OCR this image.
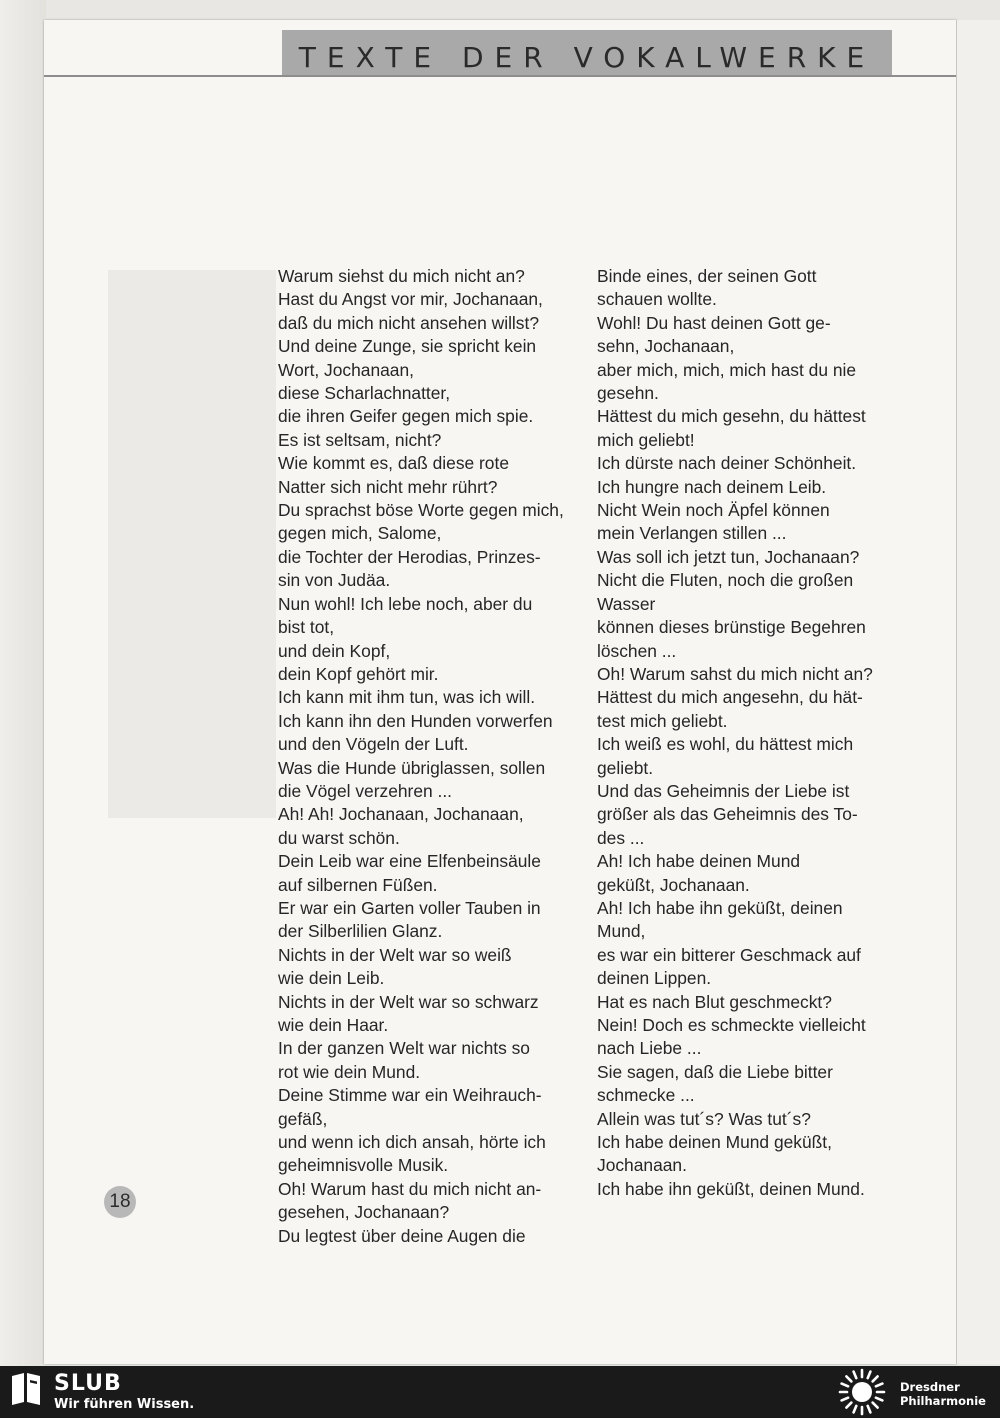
TEXTE DER VOKALWERKE
Warum siehst du mich nicht an?
Hast du Angst vor mir, Jochanaan,
daß du mich nicht ansehen willst?
Und deine Zunge, sie spricht kein
Wort, Jochanaan,
diese Scharlachnatter,
die ihren Geifer gegen mich spie.
Es ist seltsam, nicht?
Wie kommt es, daß diese rote
Natter sich nicht mehr rührt?
Du sprachst böse Worte gegen mich,
gegen mich, Salome,
die Tochter der Herodias, Prinzes-
sin von Judäa.
Nun wohl! Ich lebe noch, aber du
bist tot,
und dein Kopf,
dein Kopf gehört mir.
Ich kann mit ihm tun, was ich will.
Ich kann ihn den Hunden vorwerfen
und den Vögeln der Luft.
Was die Hunde übriglassen, sollen
die Vögel verzehren ...
Ah! Ah! Jochanaan, Jochanaan,
du warst schön.
Dein Leib war eine Elfenbeinsäule
auf silbernen Füßen.
Er war ein Garten voller Tauben in
der Silberlilien Glanz.
Nichts in der Welt war so weiß
wie dein Leib.
Nichts in der Welt war so schwarz
wie dein Haar.
In der ganzen Welt war nichts so
rot wie dein Mund.
Deine Stimme war ein Weihrauch-
gefäß,
und wenn ich dich ansah, hörte ich
geheimnisvolle Musik.
Oh! Warum hast du mich nicht an-
gesehen, Jochanaan?
Du legtest über deine Augen die
Binde eines, der seinen Gott
schauen wollte.
Wohl! Du hast deinen Gott ge-
sehn, Jochanaan,
aber mich, mich, mich hast du nie
gesehn.
Hättest du mich gesehn, du hättest
mich geliebt!
Ich dürste nach deiner Schönheit.
Ich hungre nach deinem Leib.
Nicht Wein noch Äpfel können
mein Verlangen stillen ...
Was soll ich jetzt tun, Jochanaan?
Nicht die Fluten, noch die großen
Wasser
können dieses brünstige Begehren
löschen ...
Oh! Warum sahst du mich nicht an?
Hättest du mich angesehn, du hät-
test mich geliebt.
Ich weiß es wohl, du hättest mich
geliebt.
Und das Geheimnis der Liebe ist
größer als das Geheimnis des To-
des ...
Ah! Ich habe deinen Mund
geküßt, Jochanaan.
Ah! Ich habe ihn geküßt, deinen
Mund,
es war ein bitterer Geschmack auf
deinen Lippen.
Hat es nach Blut geschmeckt?
Nein! Doch es schmeckte vielleicht
nach Liebe ...
Sie sagen, daß die Liebe bitter
schmecke ...
Allein was tut´s? Was tut´s?
Ich habe deinen Mund geküßt,
Jochanaan.
Ich habe ihn geküßt, deinen Mund.
18
SLUB
Wir führen Wissen.
Dresdner
Philharmonie
